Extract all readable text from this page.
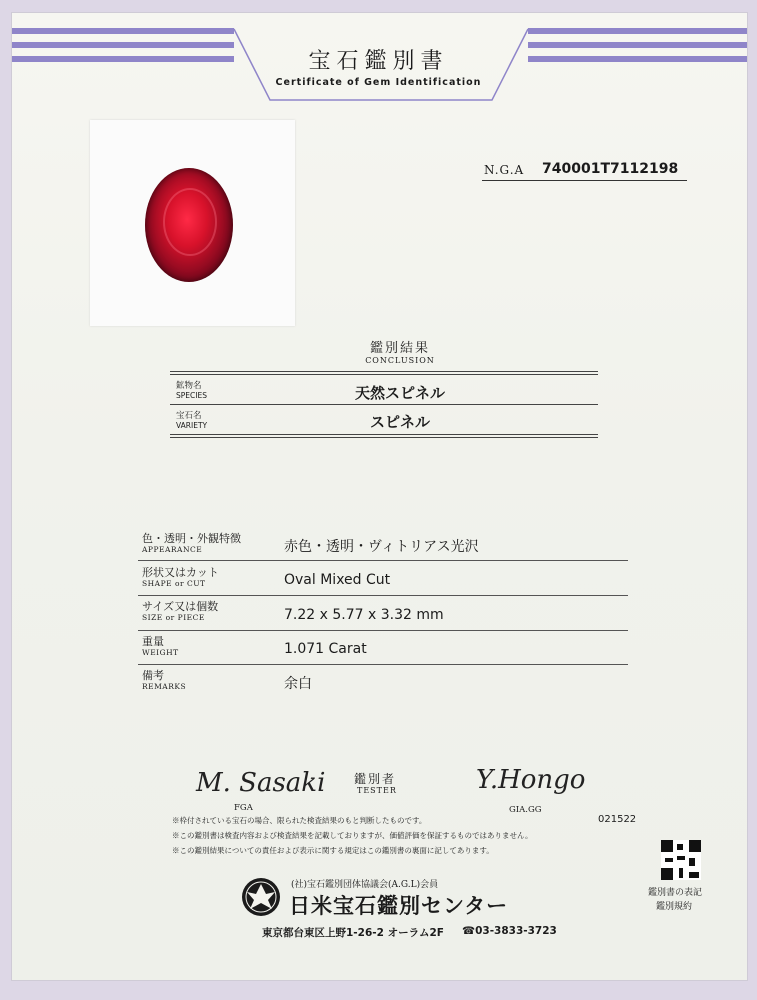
宝石鑑別書
Certificate of Gem Identification
N.G.A 740001T7112198
鑑別結果
CONCLUSION
鉱物名
SPECIES	天然スピネル
宝石名
VARIETY	スピネル
色・透明・外観特徴
APPEARANCE	赤色・透明・ヴィトリアス光沢
形状又はカット
SHAPE or CUT	Oval Mixed Cut
サイズ又は個数
SIZE or PIECE	7.22 x 5.77 x 3.32 mm
重量
WEIGHT	1.071 Carat
備考
REMARKS	余白
M. Sasaki
FGA
鑑別者
TESTER	Y.Hongo
GIA.GG
021522
※枠付されている宝石の場合、限られた検査結果のもと判断したものです。
※この鑑別書は検査内容および検査結果を記載しておりますが、価値評価を保証するものではありません。
※この鑑別結果についての責任および表示に関する規定はこの鑑別書の裏面に記してあります。
(社)宝石鑑別団体協議会(A.G.L)会員
日米宝石鑑別センター
東京都台東区上野1-26-2 オーラム2F ☎03-3833-3723
鑑別書の表記
鑑別規約
